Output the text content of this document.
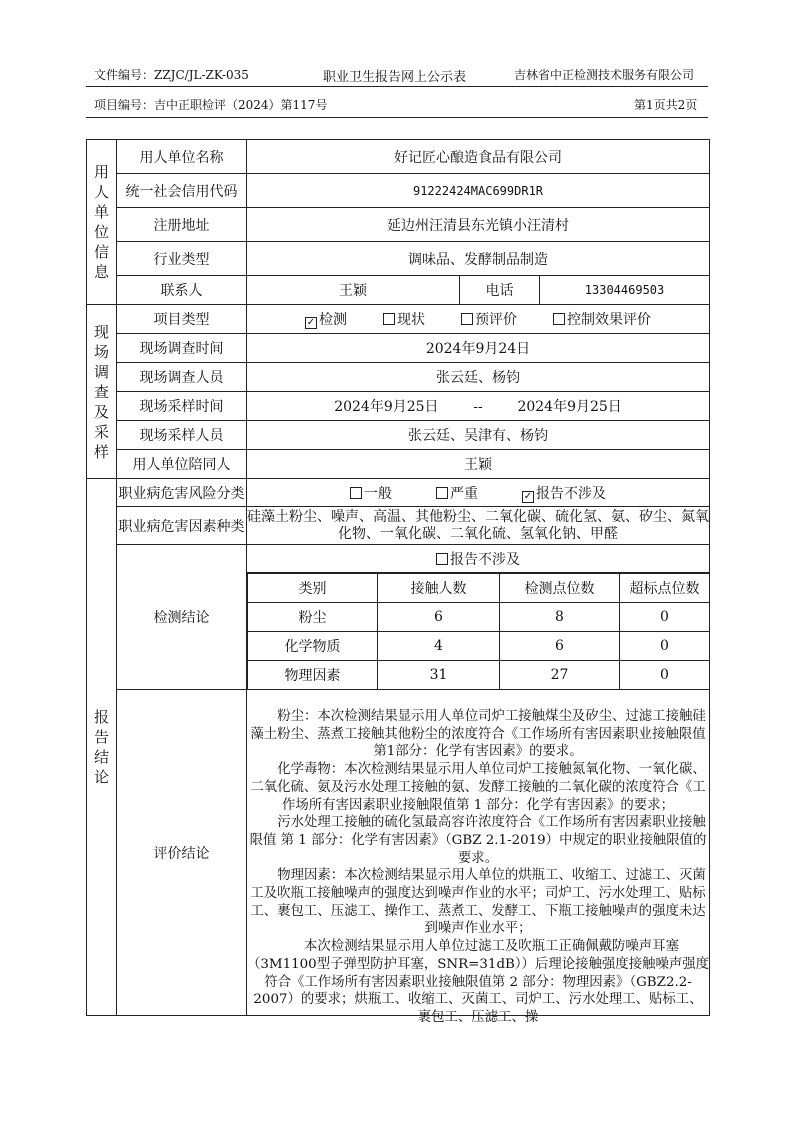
文件编号：ZZJC/JL-ZK-035	职业卫生报告网上公示表	吉林省中正检测技术服务有限公司
项目编号：吉中正职检评（2024）第117号	第1页共2页
用
人
单
位
信
息
	用人单位名称	好记匠心酿造食品有限公司
统一社会信用代码	91222424MAC699DR1R
注册地址	延边州汪清县东光镇小汪清村
行业类型	调味品、发酵制品制造
联系人	王颖	电话	13304469503

现
场
调
查
及
采
样
	项目类型	✓ 检测	现状	预评价	控制效果评价
现场调查时间	2024年9月24日
现场调查人员	张云廷、杨钧
现场采样时间	2024年9月25日 -- 2024年9月25日
现场采样人员	张云廷、吴津有、杨钧
用人单位陪同人	王颖

报
告
结
论
	职业病危害风险分类	一般	严重	✓ 报告不涉及
职业病危害因素种类	硅藻土粉尘、噪声、高温、其他粉尘、二氧化碳、硫化氢、氨、矽尘、氮氧化物、一氧化碳、二氧化硫、氢氧化钠、甲醛
检测结论	报告不涉及

类别	接触人数	检测点位数	超标点位数
粉尘	6	8	0
化学物质	4	6	0
物理因素	31	27	0

评价结论	

粉尘：本次检测结果显示用人单位司炉工接触煤尘及矽尘、过滤工接触硅藻土粉尘、蒸煮工接触其他粉尘的浓度符合《工作场所有害因素职业接触限值第1部分：化学有害因素》的要求。

化学毒物：本次检测结果显示用人单位司炉工接触氮氧化物、一氧化碳、二氧化硫、氨及污水处理工接触的氨、发酵工接触的二氧化碳的浓度符合《工作场所有害因素职业接触限值第 1 部分：化学有害因素》的要求；

污水处理工接触的硫化氢最高容许浓度符合《工作场所有害因素职业接触限值 第 1 部分：化学有害因素》（GBZ 2.1-2019）中规定的职业接触限值的要求。

物理因素：本次检测结果显示用人单位的烘瓶工、收缩工、过滤工、灭菌工及吹瓶工接触噪声的强度达到噪声作业的水平；司炉工、污水处理工、贴标工、裹包工、压滤工、操作工、蒸煮工、发酵工、下瓶工接触噪声的强度未达到噪声作业水平；

本次检测结果显示用人单位过滤工及吹瓶工正确佩戴防噪声耳塞（3M1100型子弹型防护耳塞，SNR=31dB））后理论接触强度接触噪声强度符合《工作场所有害因素职业接触限值第 2 部分：物理因素》（GBZ2.2-2007）的要求；烘瓶工、收缩工、灭菌工、司炉工、污水处理工、贴标工、裹包工、压滤工、操
